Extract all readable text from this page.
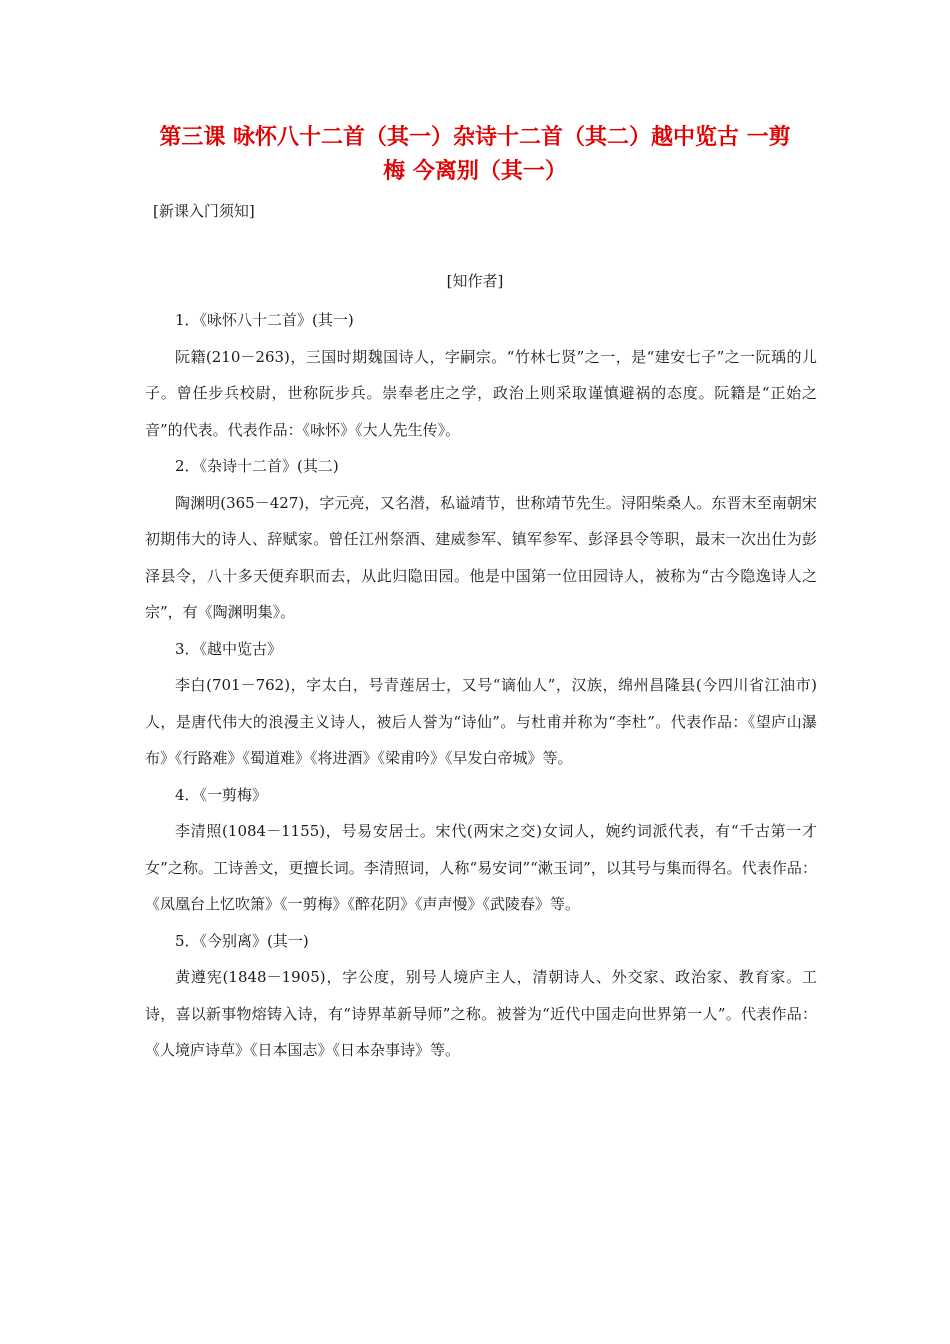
第三课 咏怀八十二首（其一）杂诗十二首（其二）越中览古 一剪
梅 今离别（其一）
[新课入门须知]
[知作者]

1．《咏怀八十二首》(其一)

阮籍(210－263)，三国时期魏国诗人，字嗣宗。“竹林七贤”之一，是“建安七子”之一阮瑀的儿子。曾任步兵校尉，世称阮步兵。崇奉老庄之学，政治上则采取谨慎避祸的态度。阮籍是“正始之音”的代表。代表作品：《咏怀》《大人先生传》。

2．《杂诗十二首》(其二)

陶渊明(365－427)，字元亮，又名潜，私谥靖节，世称靖节先生。浔阳柴桑人。东晋末至南朝宋初期伟大的诗人、辞赋家。曾任江州祭酒、建威参军、镇军参军、彭泽县令等职，最末一次出仕为彭泽县令，八十多天便弃职而去，从此归隐田园。他是中国第一位田园诗人，被称为“古今隐逸诗人之宗”，有《陶渊明集》。

3．《越中览古》

李白(701－762)，字太白，号青莲居士，又号“谪仙人”，汉族，绵州昌隆县(今四川省江油市)人，是唐代伟大的浪漫主义诗人，被后人誉为“诗仙”。与杜甫并称为“李杜”。代表作品：《望庐山瀑布》《行路难》《蜀道难》《将进酒》《梁甫吟》《早发白帝城》等。

4．《一剪梅》

李清照(1084－1155)，号易安居士。宋代(两宋之交)女词人，婉约词派代表，有“千古第一才女”之称。工诗善文，更擅长词。李清照词，人称“易安词”“漱玉词”，以其号与集而得名。代表作品：《凤凰台上忆吹箫》《一剪梅》《醉花阴》《声声慢》《武陵春》等。

5．《今别离》(其一)

黄遵宪(1848－1905)，字公度，别号人境庐主人，清朝诗人、外交家、政治家、教育家。工诗，喜以新事物熔铸入诗，有“诗界革新导师”之称。被誉为“近代中国走向世界第一人”。代表作品：《人境庐诗草》《日本国志》《日本杂事诗》等。
